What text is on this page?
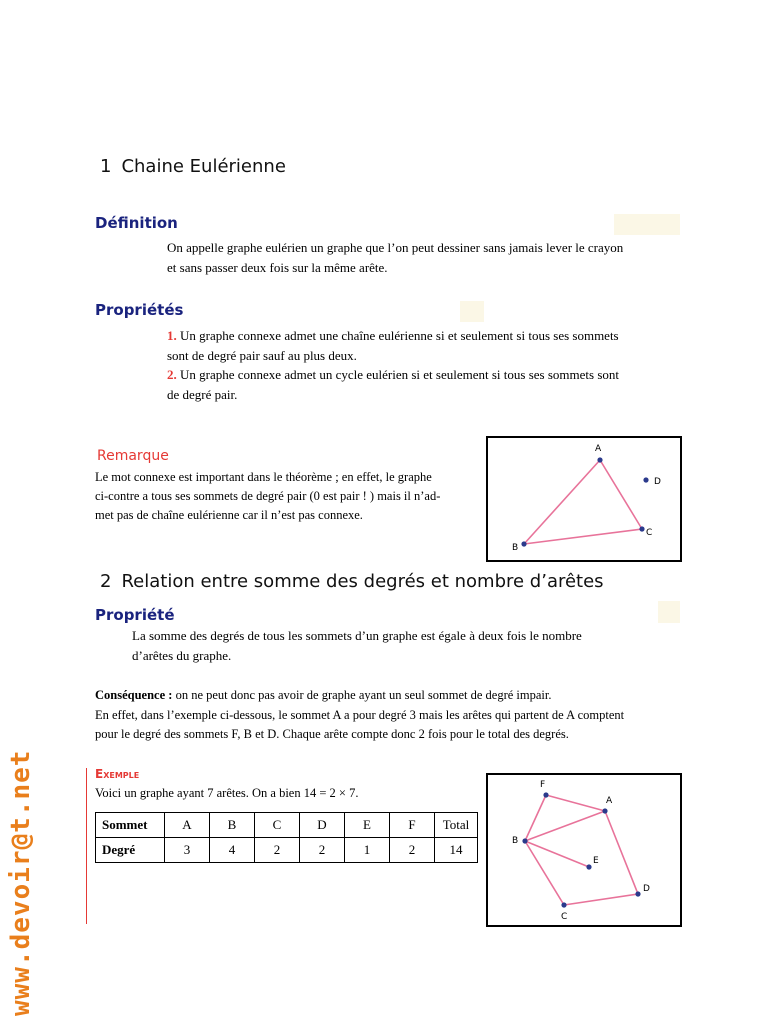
1 Chaine Eulérienne
Définition
On appelle graphe eulérien un graphe que l’on peut dessiner sans jamais lever le crayon
et sans passer deux fois sur la même arête.
Propriétés
1. Un graphe connexe admet une chaîne eulérienne si et seulement si tous ses sommets
sont de degré pair sauf au plus deux.
2. Un graphe connexe admet un cycle eulérien si et seulement si tous ses sommets sont
de degré pair.
Remarque
Le mot connexe est important dans le théorème ; en effet, le graphe
ci-contre a tous ses sommets de degré pair (0 est pair ! ) mais il n’ad-
met pas de chaîne eulérienne car il n’est pas connexe.
A
B
C
D
2 Relation entre somme des degrés et nombre d’arêtes
Propriété
La somme des degrés de tous les sommets d’un graphe est égale à deux fois le nombre
d’arêtes du graphe.
Conséquence : on ne peut donc pas avoir de graphe ayant un seul sommet de degré impair.
En effet, dans l’exemple ci-dessous, le sommet A a pour degré 3 mais les arêtes qui partent de A comptent
pour le degré des sommets F, B et D. Chaque arête compte donc 2 fois pour le total des degrés.
Exemple
Voici un graphe ayant 7 arêtes. On a bien 14 = 2 × 7.
Sommet	A	B	C	D	E	F	Total
Degré	3	4	2	2	1	2	14
F
A
B
E
C
D
www.devoir@t.net
